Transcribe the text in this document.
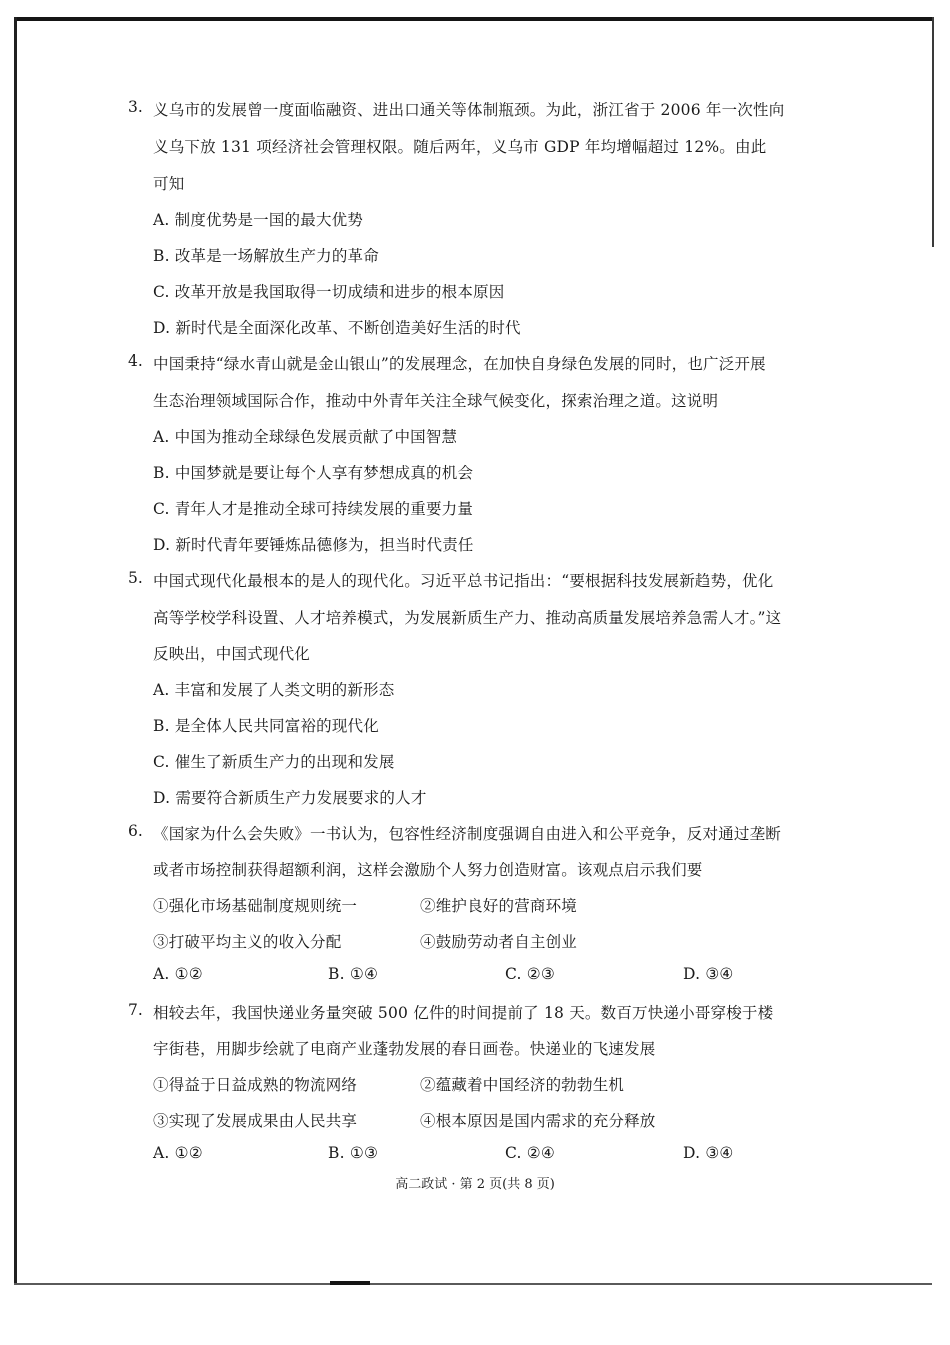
3. 义乌市的发展曾一度面临融资、进出口通关等体制瓶颈。为此，浙江省于 2006 年一次性向
义乌下放 131 项经济社会管理权限。随后两年，义乌市 GDP 年均增幅超过 12%。由此
可知
A. 制度优势是一国的最大优势
B. 改革是一场解放生产力的革命
C. 改革开放是我国取得一切成绩和进步的根本原因
D. 新时代是全面深化改革、不断创造美好生活的时代
4. 中国秉持“绿水青山就是金山银山”的发展理念，在加快自身绿色发展的同时，也广泛开展
生态治理领域国际合作，推动中外青年关注全球气候变化，探索治理之道。这说明
A. 中国为推动全球绿色发展贡献了中国智慧
B. 中国梦就是要让每个人享有梦想成真的机会
C. 青年人才是推动全球可持续发展的重要力量
D. 新时代青年要锤炼品德修为，担当时代责任
5. 中国式现代化最根本的是人的现代化。习近平总书记指出：“要根据科技发展新趋势，优化
高等学校学科设置、人才培养模式，为发展新质生产力、推动高质量发展培养急需人才。”这
反映出，中国式现代化
A. 丰富和发展了人类文明的新形态
B. 是全体人民共同富裕的现代化
C. 催生了新质生产力的出现和发展
D. 需要符合新质生产力发展要求的人才
6. 《国家为什么会失败》一书认为，包容性经济制度强调自由进入和公平竞争，反对通过垄断
或者市场控制获得超额利润，这样会激励个人努力创造财富。该观点启示我们要
①强化市场基础制度规则统一	②维护良好的营商环境
③打破平均主义的收入分配	④鼓励劳动者自主创业
A. ①②	B. ①④	C. ②③	D. ③④
7. 相较去年，我国快递业务量突破 500 亿件的时间提前了 18 天。数百万快递小哥穿梭于楼
宇街巷，用脚步绘就了电商产业蓬勃发展的春日画卷。快递业的飞速发展
①得益于日益成熟的物流网络	②蕴藏着中国经济的勃勃生机
③实现了发展成果由人民共享	④根本原因是国内需求的充分释放
A. ①②	B. ①③	C. ②④	D. ③④
高二政试 · 第 2 页(共 8 页)
